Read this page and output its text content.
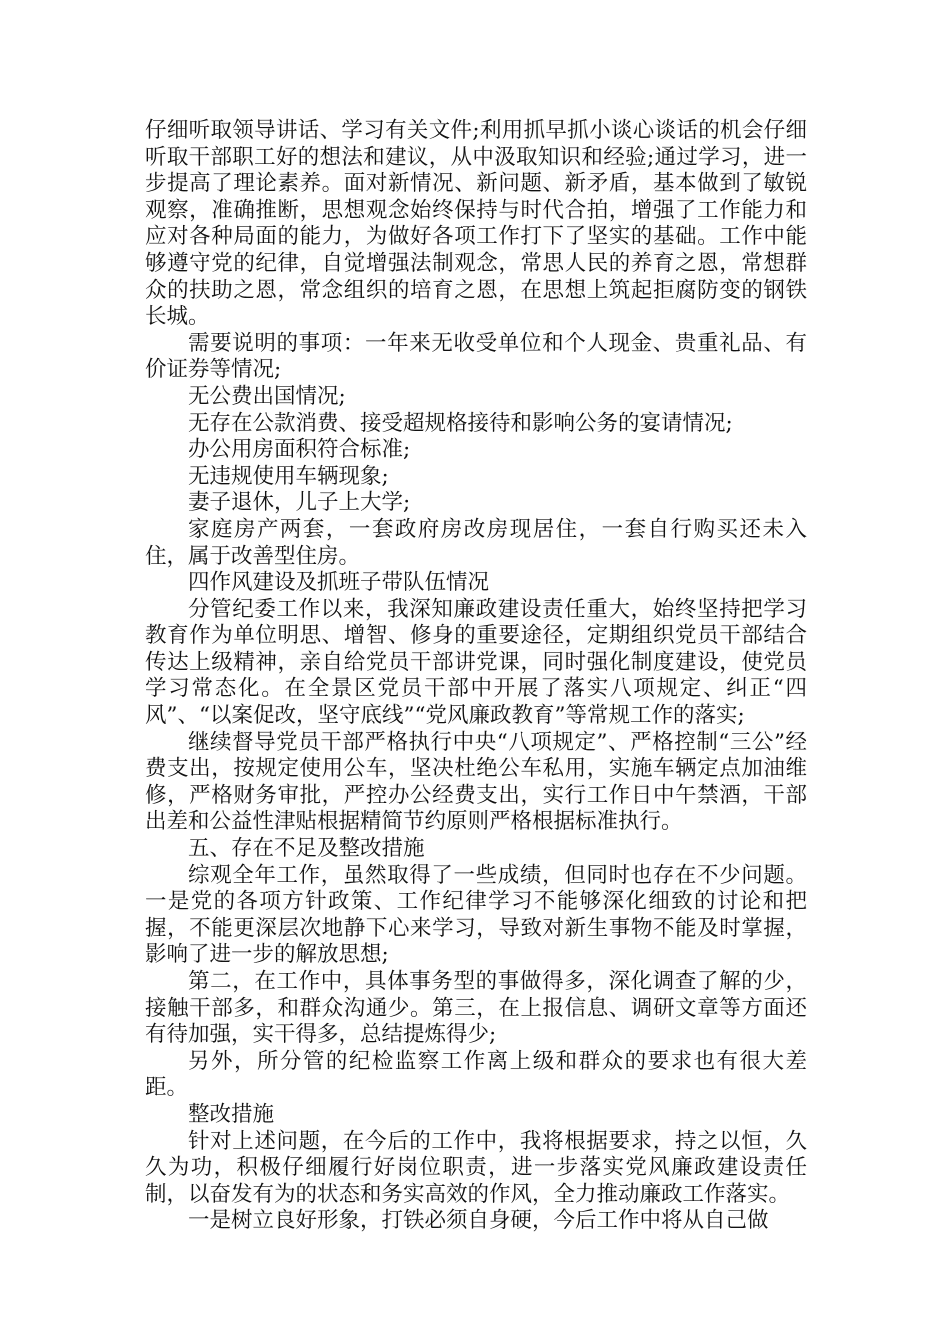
仔细听取领导讲话、学习有关文件;利用抓早抓小谈心谈话的机会仔细听取干部职工好的想法和建议，从中汲取知识和经验;通过学习，进一步提高了理论素养。面对新情况、新问题、新矛盾，基本做到了敏锐观察，准确推断，思想观念始终保持与时代合拍，增强了工作能力和应对各种局面的能力，为做好各项工作打下了坚实的基础。工作中能够遵守党的纪律，自觉增强法制观念，常思人民的养育之恩，常想群众的扶助之恩，常念组织的培育之恩，在思想上筑起拒腐防变的钢铁长城。

需要说明的事项：一年来无收受单位和个人现金、贵重礼品、有价证券等情况;

无公费出国情况;

无存在公款消费、接受超规格接待和影响公务的宴请情况;

办公用房面积符合标准;

无违规使用车辆现象;

妻子退休，儿子上大学;

家庭房产两套，一套政府房改房现居住，一套自行购买还未入住，属于改善型住房。

四作风建设及抓班子带队伍情况

分管纪委工作以来，我深知廉政建设责任重大，始终坚持把学习教育作为单位明思、增智、修身的重要途径，定期组织党员干部结合传达上级精神，亲自给党员干部讲党课，同时强化制度建设，使党员学习常态化。在全景区党员干部中开展了落实八项规定、纠正“四风”、“以案促改，坚守底线”“党风廉政教育”等常规工作的落实;

继续督导党员干部严格执行中央“八项规定”、严格控制“三公”经费支出，按规定使用公车，坚决杜绝公车私用，实施车辆定点加油维修，严格财务审批，严控办公经费支出，实行工作日中午禁酒，干部出差和公益性津贴根据精简节约原则严格根据标准执行。

五、存在不足及整改措施

综观全年工作，虽然取得了一些成绩，但同时也存在不少问题。一是党的各项方针政策、工作纪律学习不能够深化细致的讨论和把握，不能更深层次地静下心来学习，导致对新生事物不能及时掌握，影响了进一步的解放思想;

第二，在工作中，具体事务型的事做得多，深化调查了解的少，接触干部多，和群众沟通少。第三，在上报信息、调研文章等方面还有待加强，实干得多，总结提炼得少;

另外，所分管的纪检监察工作离上级和群众的要求也有很大差距。

整改措施

针对上述问题，在今后的工作中，我将根据要求，持之以恒，久久为功，积极仔细履行好岗位职责，进一步落实党风廉政建设责任制，以奋发有为的状态和务实高效的作风，全力推动廉政工作落实。

一是树立良好形象，打铁必须自身硬，今后工作中将从自己做
